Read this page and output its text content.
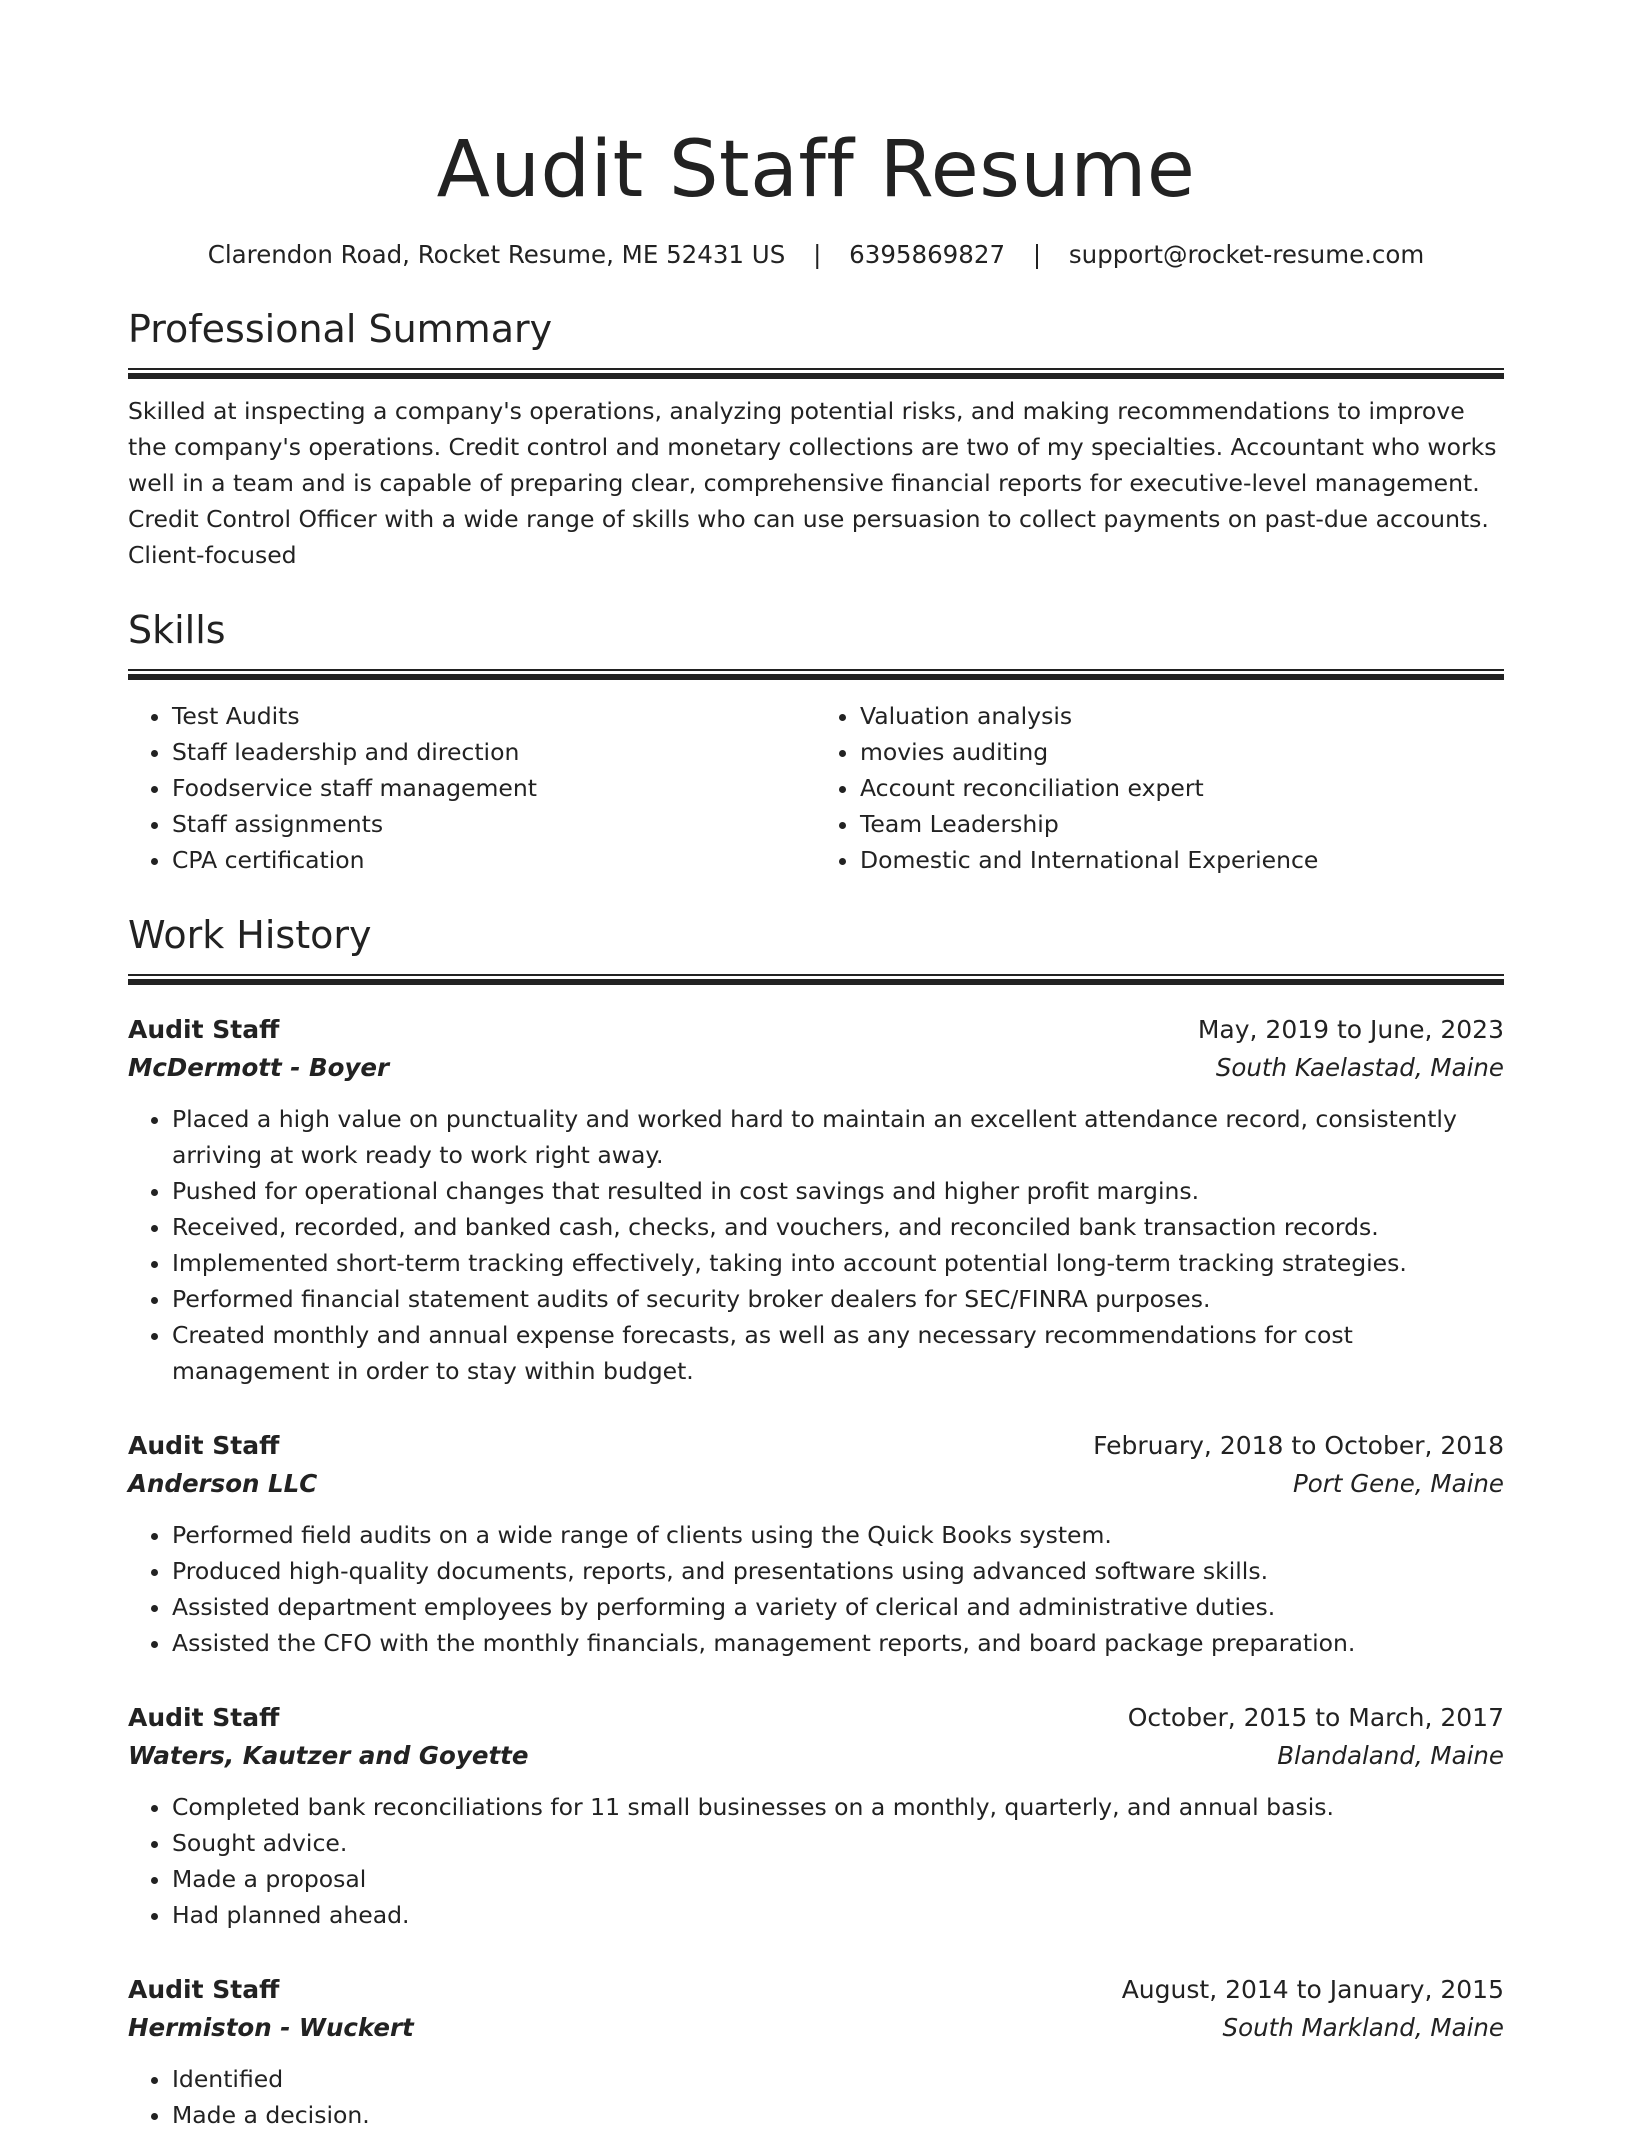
Audit Staff Resume
Clarendon Road, Rocket Resume, ME 52431 US | 6395869827 | support@rocket-resume.com
Professional Summary
Skilled at inspecting a company's operations, analyzing potential risks, and making recommendations to improve the company's operations. Credit control and monetary collections are two of my specialties. Accountant who works well in a team and is capable of preparing clear, comprehensive financial reports for executive-level management. Credit Control Officer with a wide range of skills who can use persuasion to collect payments on past-due accounts. Client-focused
Skills
• Test Audits
• Staff leadership and direction
• Foodservice staff management
• Staff assignments
• CPA certification
• Valuation analysis
• movies auditing
• Account reconciliation expert
• Team Leadership
• Domestic and International Experience
Work History
Audit Staff	May, 2019 to June, 2023
McDermott - Boyer	South Kaelastad, Maine
• Placed a high value on punctuality and worked hard to maintain an excellent attendance record, consistently arriving at work ready to work right away.
• Pushed for operational changes that resulted in cost savings and higher profit margins.
• Received, recorded, and banked cash, checks, and vouchers, and reconciled bank transaction records.
• Implemented short-term tracking effectively, taking into account potential long-term tracking strategies.
• Performed financial statement audits of security broker dealers for SEC/FINRA purposes.
• Created monthly and annual expense forecasts, as well as any necessary recommendations for cost management in order to stay within budget.
Audit Staff	February, 2018 to October, 2018
Anderson LLC	Port Gene, Maine
• Performed field audits on a wide range of clients using the Quick Books system.
• Produced high-quality documents, reports, and presentations using advanced software skills.
• Assisted department employees by performing a variety of clerical and administrative duties.
• Assisted the CFO with the monthly financials, management reports, and board package preparation.
Audit Staff	October, 2015 to March, 2017
Waters, Kautzer and Goyette	Blandaland, Maine
• Completed bank reconciliations for 11 small businesses on a monthly, quarterly, and annual basis.
• Sought advice.
• Made a proposal
• Had planned ahead.
Audit Staff	August, 2014 to January, 2015
Hermiston - Wuckert	South Markland, Maine
• Identified
• Made a decision.
